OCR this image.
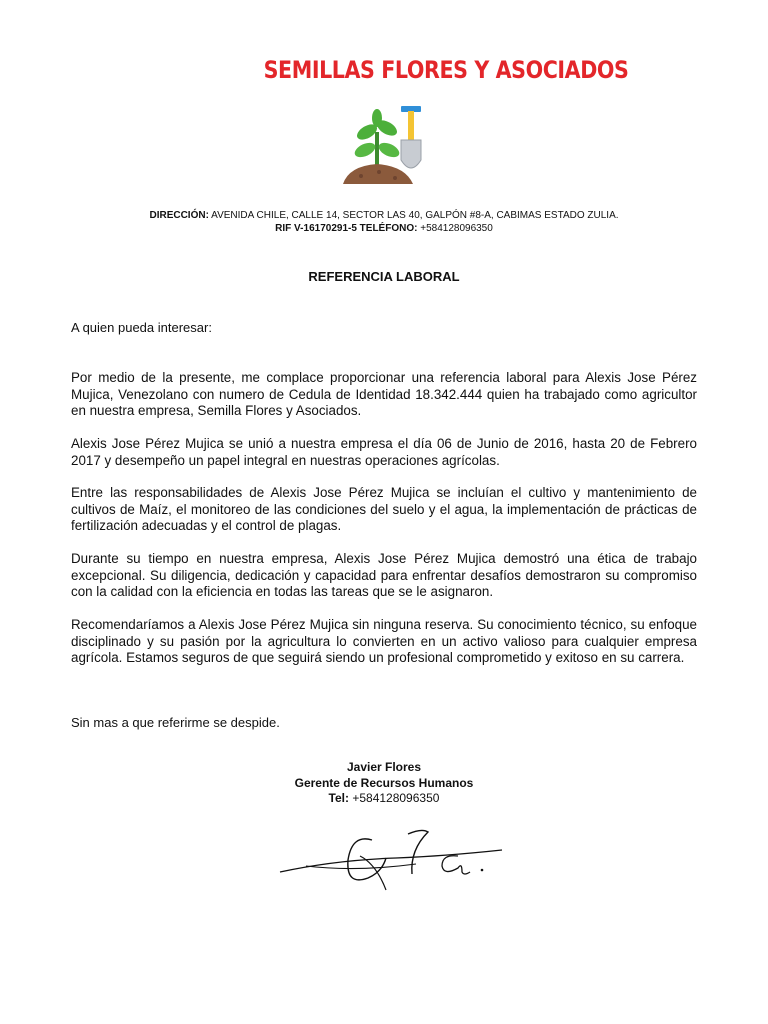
SEMILLAS FLORES Y ASOCIADOS
DIRECCIÓN: AVENIDA CHILE, CALLE 14, SECTOR LAS 40, GALPÓN #8-A, CABIMAS ESTADO ZULIA.
RIF V-16170291-5 TELÉFONO: +584128096350
REFERENCIA LABORAL
A quien pueda interesar:
Por medio de la presente, me complace proporcionar una referencia laboral para Alexis Jose Pérez Mujica, Venezolano con numero de Cedula de Identidad 18.342.444 quien ha trabajado como agricultor en nuestra empresa, Semilla Flores y Asociados.
Alexis Jose Pérez Mujica se unió a nuestra empresa el día 06 de Junio de 2016, hasta 20 de Febrero 2017 y desempeño un papel integral en nuestras operaciones agrícolas.
Entre las responsabilidades de Alexis Jose Pérez Mujica se incluían el cultivo y mantenimiento de cultivos de Maíz, el monitoreo de las condiciones del suelo y el agua, la implementación de prácticas de fertilización adecuadas y el control de plagas.
Durante su tiempo en nuestra empresa, Alexis Jose Pérez Mujica demostró una ética de trabajo excepcional. Su diligencia, dedicación y capacidad para enfrentar desafíos demostraron su compromiso con la calidad con la eficiencia en todas las tareas que se le asignaron.
Recomendaríamos a Alexis Jose Pérez Mujica sin ninguna reserva. Su conocimiento técnico, su enfoque disciplinado y su pasión por la agricultura lo convierten en un activo valioso para cualquier empresa agrícola. Estamos seguros de que seguirá siendo un profesional comprometido y exitoso en su carrera.
Sin mas a que referirme se despide.
Javier Flores
Gerente de Recursos Humanos
Tel: +584128096350
